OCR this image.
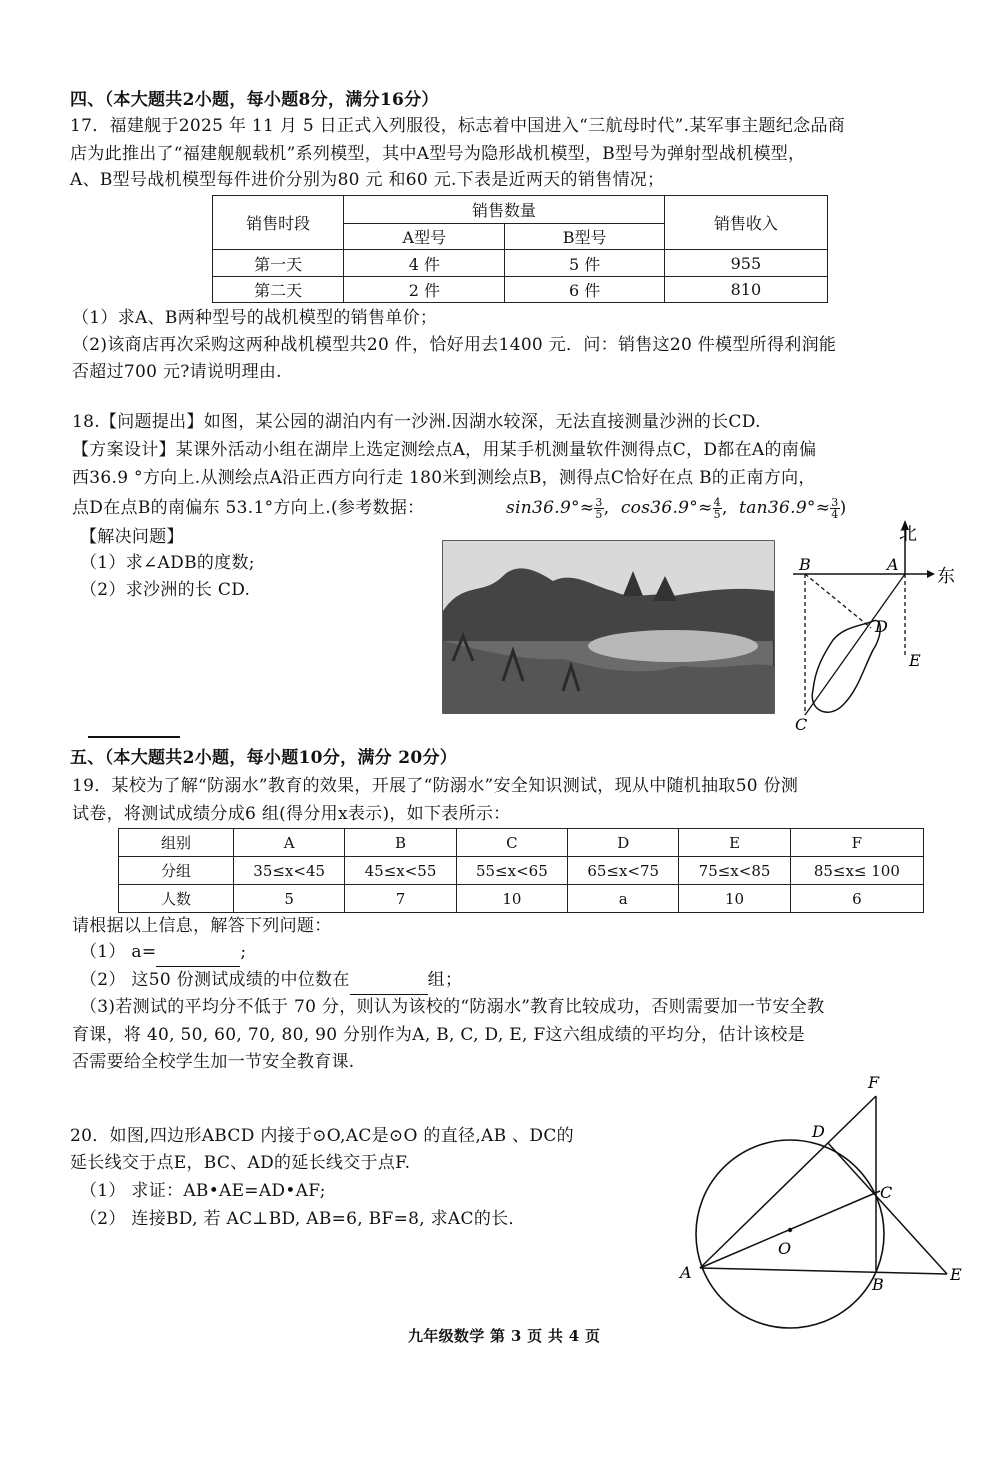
四、（本大题共2小题，每小题8分，满分16分）
17．福建舰于2025 年 11 月 5 日正式入列服役，标志着中国进入“三航母时代”.某军事主题纪念品商
店为此推出了“福建舰舰载机”系列模型，其中A型号为隐形战机模型，B型号为弹射型战机模型，
A、B型号战机模型每件进价分别为80 元 和60 元.下表是近两天的销售情况；
销售时段	销售数量		销售收入
	A型号	B型号	
第一天	4 件	5 件	955
第二天	2 件	6 件	810
（1）求A、B两种型号的战机模型的销售单价；
（2)该商店再次采购这两种战机模型共20 件，恰好用去1400 元．问：销售这20 件模型所得利润能
否超过700 元?请说明理由.
18.【问题提出】如图，某公园的湖泊内有一沙洲.因湖水较深，无法直接测量沙洲的长CD.
【方案设计】某课外活动小组在湖岸上选定测绘点A，用某手机测量软件测得点C，D都在A的南偏
西36.9 °方向上.从测绘点A沿正西方向行走 180米到测绘点B，测得点C恰好在点 B的正南方向，
点D在点B的南偏东 53.1°方向上.(参考数据：	$\sin 36.9^\circ\approx \frac{3}{5}$ ,  $\cos 36.9^\circ\approx \frac{4}{5}$ ,  $\tan 36.9^\circ\approx \frac{3}{4}$ )
【解决问题】
（1）求∠ADB的度数;
（2）求沙洲的长 CD.
北
东
B	A
D
E
C
五、（本大题共2小题，每小题10分，满分 20分）
19．某校为了解“防溺水”教育的效果，开展了“防溺水”安全知识测试，现从中随机抽取50 份测
试卷，将测试成绩分成6 组(得分用x表示)，如下表所示：
组别	A	B	C	D	E	F
分组	35≤x<45	45≤x<55	55≤x<65	65≤x<75	75≤x<85	85≤x≤ 100
人数	5	7	10	a	10	6
请根据以上信息，解答下列问题：
（1） a=	;
（2） 这50 份测试成绩的中位数在	组；
（3)若测试的平均分不低于 70 分，则认为该校的“防溺水”教育比较成功，否则需要加一节安全教
育课，将 40, 50, 60, 70, 80, 90 分别作为A, B, C, D, E, F这六组成绩的平均分，估计该校是
否需要给全校学生加一节安全教育课.
20．如图,四边形ABCD 内接于⊙O,AC是⊙O 的直径,AB 、DC的
延长线交于点E，BC、AD的延长线交于点F.
（1） 求证：AB•AE=AD•AF;
（2） 连接BD, 若 AC⊥BD, AB=6, BF=8, 求AC的长．
F
D
C
O
A
B
E
九年级数学 第 3 页 共 4 页
